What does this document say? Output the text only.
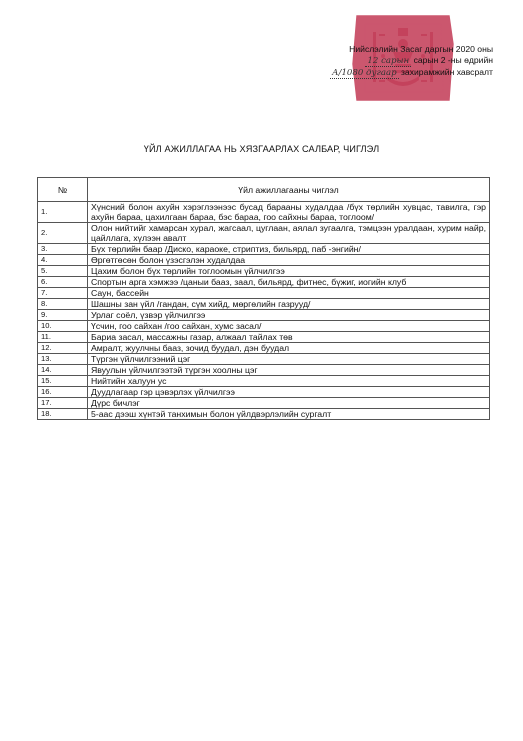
Нийслэлийн Засаг даргын 2020 оны
12 сарын сарын 2 -ны өдрийн
А/1080 дугаар захирамжийн хавсралт
ҮЙЛ АЖИЛЛАГАА НЬ ХЯЗГААРЛАХ САЛБАР, ЧИГЛЭЛ
№	Үйл ажиллагааны чиглэл
1.	Хүнсний болон ахуйн хэрэглээнээс бусад барааны худалдаа /бүх төрлийн хувцас, тавилга, гэр ахуйн бараа, цахилгаан бараа, бэс бараа, гоо сайхны бараа, тоглоом/
2.	Олон нийтийг хамарсан хурал, жагсаал, цуглаан, аялал зугаалга, тэмцээн уралдаан, хурим найр, цайллага, хүлээн авалт
3.	Бүх төрлийн баар /Диско, караоке, стриптиз, бильярд, паб -энгийн/
4.	Өргөтгөсөн болон үзэсгэлэн худалдаа
5.	Цахим болон бүх төрлийн тоглоомын үйлчилгээ
6.	Спортын арга хэмжээ /цаныи бааз, заал, бильярд, фитнес, бүжиг, иогийн клуб
7.	Саун, бассейн
8.	Шашны зан үйл /гандан, сүм хийд, мөргөлийн газрууд/
9.	Урлаг соёл, үзвэр үйлчилгээ
10.	Үсчин, гоо сайхан /гоо сайхан, хумс засал/
11.	Бариа засал, массажны газар, алжаал тайлах төв
12.	Амралт, жуулчны бааз, зочид буудал, дэн буудал
13.	Түргэн үйлчилгээний цэг
14.	Явуулын үйлчилгээтэй түргэн хоолны цэг
15.	Нийтийн халуун ус
16.	Дуудлагаар гэр цэвэрлэх үйлчилгээ
17.	Дүрс бичлэг
18.	5-аас дээш хүнтэй танхимын болон үйлдвэрлэлийн сургалт
